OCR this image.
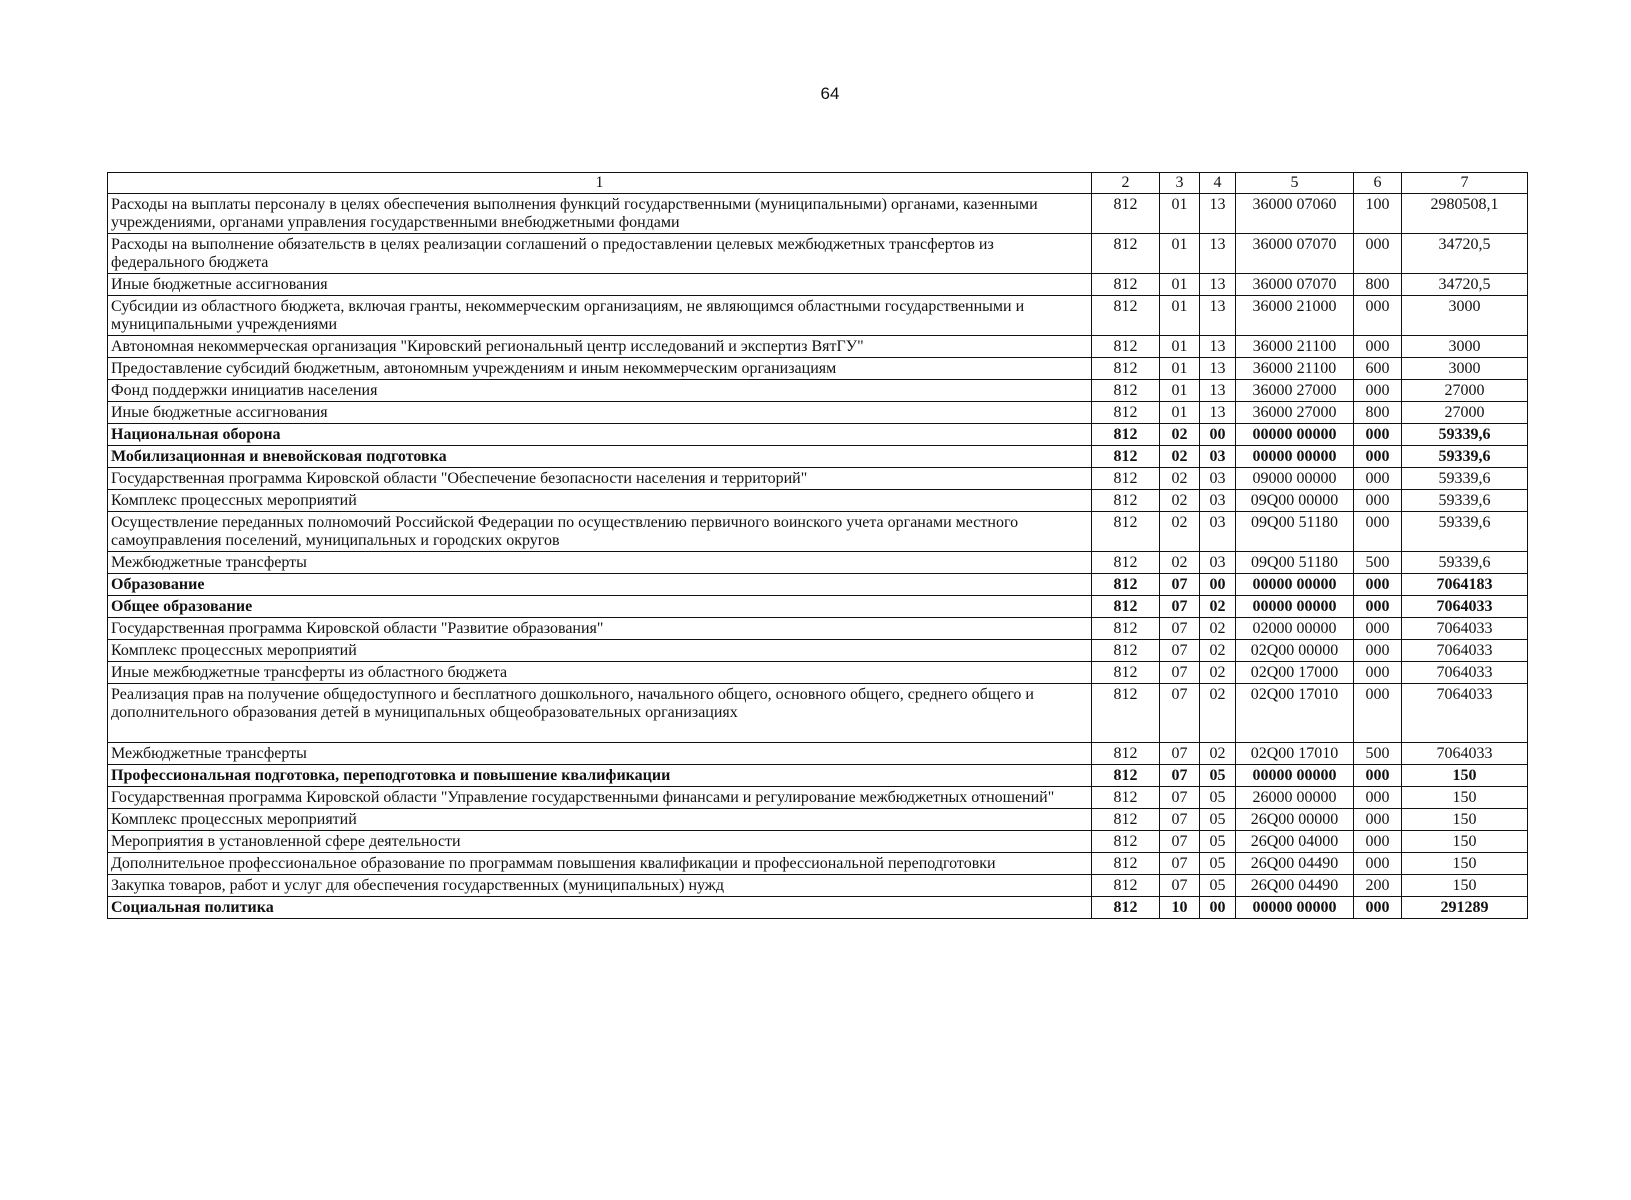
64
1	2	3	4	5	6	7
Расходы на выплаты персоналу в целях обеспечения выполнения функций государственными (муниципальными) органами, казенными учреждениями, органами управления государственными внебюджетными фондами	812	01	13	36000 07060	100	2980508,1
Расходы на выполнение обязательств в целях реализации соглашений о предоставлении целевых межбюджетных трансфертов из федерального бюджета	812	01	13	36000 07070	000	34720,5
Иные бюджетные ассигнования	812	01	13	36000 07070	800	34720,5
Субсидии из областного бюджета, включая гранты, некоммерческим организациям, не являющимся областными государственными и муниципальными учреждениями	812	01	13	36000 21000	000	3000
Автономная некоммерческая организация "Кировский региональный центр исследований и экспертиз ВятГУ"	812	01	13	36000 21100	000	3000
Предоставление субсидий бюджетным, автономным учреждениям и иным некоммерческим организациям	812	01	13	36000 21100	600	3000
Фонд поддержки инициатив населения	812	01	13	36000 27000	000	27000
Иные бюджетные ассигнования	812	01	13	36000 27000	800	27000
Национальная оборона	812	02	00	00000 00000	000	59339,6
Мобилизационная и вневойсковая подготовка	812	02	03	00000 00000	000	59339,6
Государственная программа Кировской области "Обеспечение безопасности населения и территорий"	812	02	03	09000 00000	000	59339,6
Комплекс процессных мероприятий	812	02	03	09Q00 00000	000	59339,6
Осуществление переданных полномочий Российской Федерации по осуществлению первичного воинского учета органами местного самоуправления поселений, муниципальных и городских округов	812	02	03	09Q00 51180	000	59339,6
Межбюджетные трансферты	812	02	03	09Q00 51180	500	59339,6
Образование	812	07	00	00000 00000	000	7064183
Общее образование	812	07	02	00000 00000	000	7064033
Государственная программа Кировской области "Развитие образования"	812	07	02	02000 00000	000	7064033
Комплекс процессных мероприятий	812	07	02	02Q00 00000	000	7064033
Иные межбюджетные трансферты из областного бюджета	812	07	02	02Q00 17000	000	7064033
Реализация прав на получение общедоступного и бесплатного дошкольного, начального общего, основного общего, среднего общего и дополнительного образования детей в муниципальных общеобразовательных организациях	812	07	02	02Q00 17010	000	7064033
Межбюджетные трансферты	812	07	02	02Q00 17010	500	7064033
Профессиональная подготовка, переподготовка и повышение квалификации	812	07	05	00000 00000	000	150
Государственная программа Кировской области "Управление государственными финансами и регулирование межбюджетных отношений"	812	07	05	26000 00000	000	150
Комплекс процессных мероприятий	812	07	05	26Q00 00000	000	150
Мероприятия в установленной сфере деятельности	812	07	05	26Q00 04000	000	150
Дополнительное профессиональное образование по программам повышения квалификации и профессиональной переподготовки	812	07	05	26Q00 04490	000	150
Закупка товаров, работ и услуг для обеспечения государственных (муниципальных) нужд	812	07	05	26Q00 04490	200	150
Социальная политика	812	10	00	00000 00000	000	291289
